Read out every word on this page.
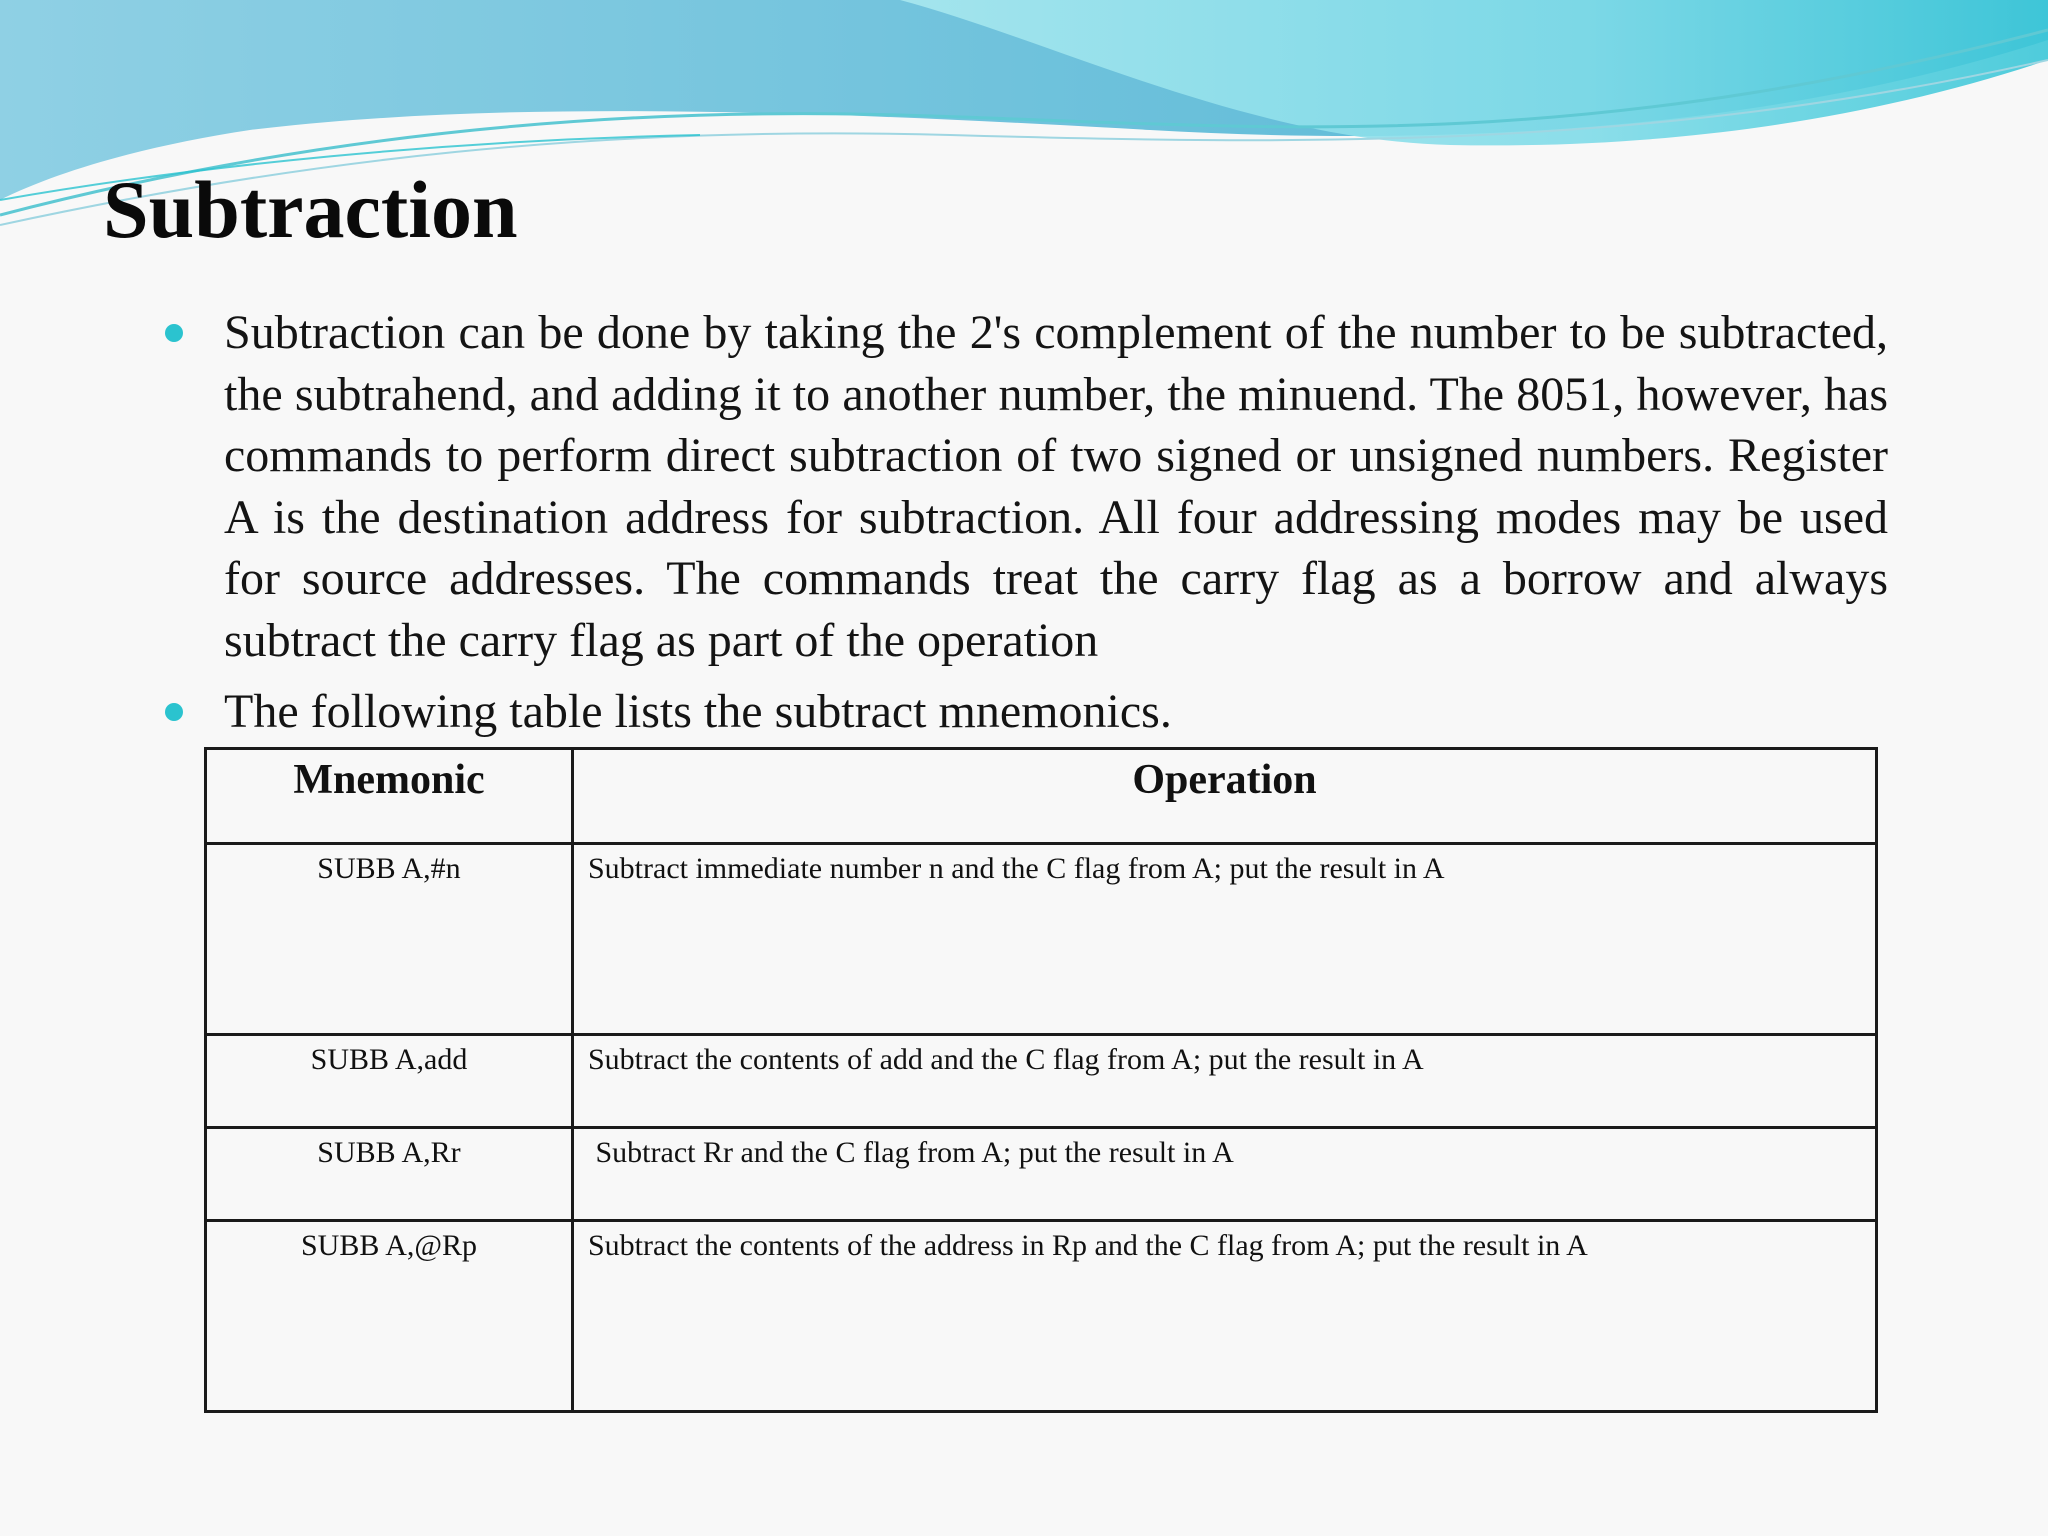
Subtraction
Subtraction can be done by taking the 2's complement of the number to be subtracted, the subtrahend, and adding it to another number, the minuend. The 8051, however, has commands to perform direct subtraction of two signed or unsigned numbers. Register A is the destination address for subtraction. All four addressing modes may be used for source addresses. The commands treat the carry flag as a borrow and always subtract the carry flag as part of the operation
The following table lists the subtract mnemonics.
Mnemonic	Operation
SUBB A,#n	Subtract immediate number n and the C flag from A; put the result in A
SUBB A,add	Subtract the contents of add and the C flag from A; put the result in A
SUBB A,Rr	Subtract Rr and the C flag from A; put the result in A
SUBB A,@Rp	Subtract the contents of the address in Rp and the C flag from A; put the result in A
